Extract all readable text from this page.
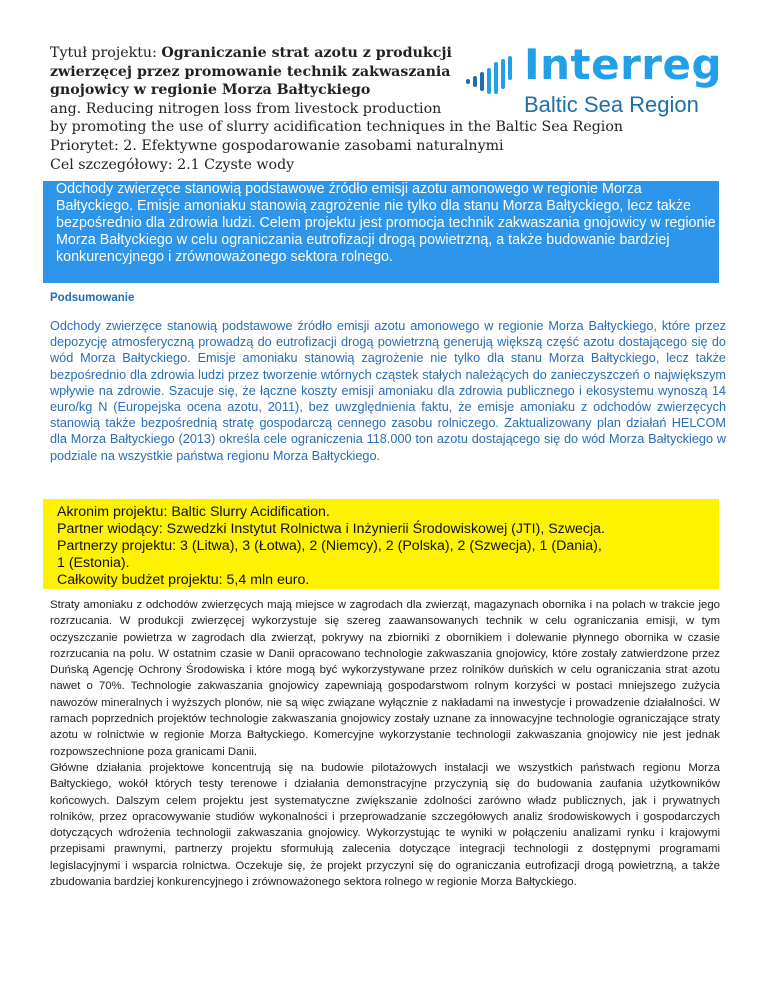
Tytuł projektu: Ograniczanie strat azotu z produkcji
zwierzęcej przez promowanie technik zakwaszania
gnojowicy w regionie Morza Bałtyckiego
ang. Reducing nitrogen loss from livestock production
by promoting the use of slurry acidification techniques in the Baltic Sea Region
Priorytet: 2. Efektywne gospodarowanie zasobami naturalnymi
Cel szczegółowy: 2.1 Czyste wody
Interreg
Baltic Sea Region

Odchody zwierzęce stanowią podstawowe źródło emisji azotu amonowego w regionie Morza Bałtyckiego. Emisje amoniaku stanowią zagrożenie nie tylko dla stanu Morza Bałtyckiego, lecz także bezpośrednio dla zdrowia ludzi. Celem projektu jest promocja technik zakwaszania gnojowicy w regionie Morza Bałtyckiego w celu ograniczania eutrofizacji drogą powietrzną, a także budowanie bardziej konkurencyjnego i zrównoważonego sektora rolnego.

Podsumowanie

Odchody zwierzęce stanowią podstawowe źródło emisji azotu amonowego w regionie Morza Bałtyckiego, które przez depozycję atmosferyczną prowadzą do eutrofizacji drogą powietrzną generują większą część azotu dostającego się do wód Morza Bałtyckiego. Emisje amoniaku stanowią zagrożenie nie tylko dla stanu Morza Bałtyckiego, lecz także bezpośrednio dla zdrowia ludzi przez tworzenie wtórnych cząstek stałych należących do zanieczyszczeń o największym wpływie na zdrowie. Szacuje się, że łączne koszty emisji amoniaku dla zdrowia publicznego i ekosystemu wynoszą 14 euro/kg N (Europejska ocena azotu, 2011), bez uwzględnienia faktu, że emisje amoniaku z odchodów zwierzęcych stanowią także bezpośrednią stratę gospodarczą cennego zasobu rolniczego. Zaktualizowany plan działań HELCOM dla Morza Bałtyckiego (2013) określa cele ograniczenia 118.000 ton azotu dostającego się do wód Morza Bałtyckiego w podziale na wszystkie państwa regionu Morza Bałtyckiego.

Akronim projektu: Baltic Slurry Acidification.
Partner wiodący: Szwedzki Instytut Rolnictwa i Inżynierii Środowiskowej (JTI), Szwecja.
Partnerzy projektu: 3 (Litwa), 3 (Łotwa), 2 (Niemcy), 2 (Polska), 2 (Szwecja), 1 (Dania),
1 (Estonia).
Całkowity budżet projektu: 5,4 mln euro.

Straty amoniaku z odchodów zwierzęcych mają miejsce w zagrodach dla zwierząt, magazynach obornika i na polach w trakcie jego rozrzucania. W produkcji zwierzęcej wykorzystuje się szereg zaawansowanych technik w celu ograniczania emisji, w tym oczyszczanie powietrza w zagrodach dla zwierząt, pokrywy na zbiorniki z obornikiem i dolewanie płynnego obornika w czasie rozrzucania na polu. W ostatnim czasie w Danii opracowano technologie zakwaszania gnojowicy, które zostały zatwierdzone przez Duńską Agencję Ochrony Środowiska i które mogą być wykorzystywane przez rolników duńskich w celu ograniczania strat azotu nawet o 70%. Technologie zakwaszania gnojowicy zapewniają gospodarstwom rolnym korzyści w postaci mniejszego zużycia nawozów mineralnych i wyższych plonów, nie są więc związane wyłącznie z nakładami na inwestycje i prowadzenie działalności. W ramach poprzednich projektów technologie zakwaszania gnojowicy zostały uznane za innowacyjne technologie ograniczające straty azotu w rolnictwie w regionie Morza Bałtyckiego. Komercyjne wykorzystanie technologii zakwaszania gnojowicy nie jest jednak rozpowszechnione poza granicami Danii.

Główne działania projektowe koncentrują się na budowie pilotażowych instalacji we wszystkich państwach regionu Morza Bałtyckiego, wokół których testy terenowe i działania demonstracyjne przyczynią się do budowania zaufania użytkowników końcowych. Dalszym celem projektu jest systematyczne zwiększanie zdolności zarówno władz publicznych, jak i prywatnych rolników, przez opracowywanie studiów wykonalności i przeprowadzanie szczegółowych analiz środowiskowych i gospodarczych dotyczących wdrożenia technologii zakwaszania gnojowicy. Wykorzystując te wyniki w połączeniu analizami rynku i krajowymi przepisami prawnymi, partnerzy projektu sformułują zalecenia dotyczące integracji technologii z dostępnymi programami legislacyjnymi i wsparcia rolnictwa. Oczekuje się, że projekt przyczyni się do ograniczania eutrofizacji drogą powietrzną, a także zbudowania bardziej konkurencyjnego i zrównoważonego sektora rolnego w regionie Morza Bałtyckiego.
